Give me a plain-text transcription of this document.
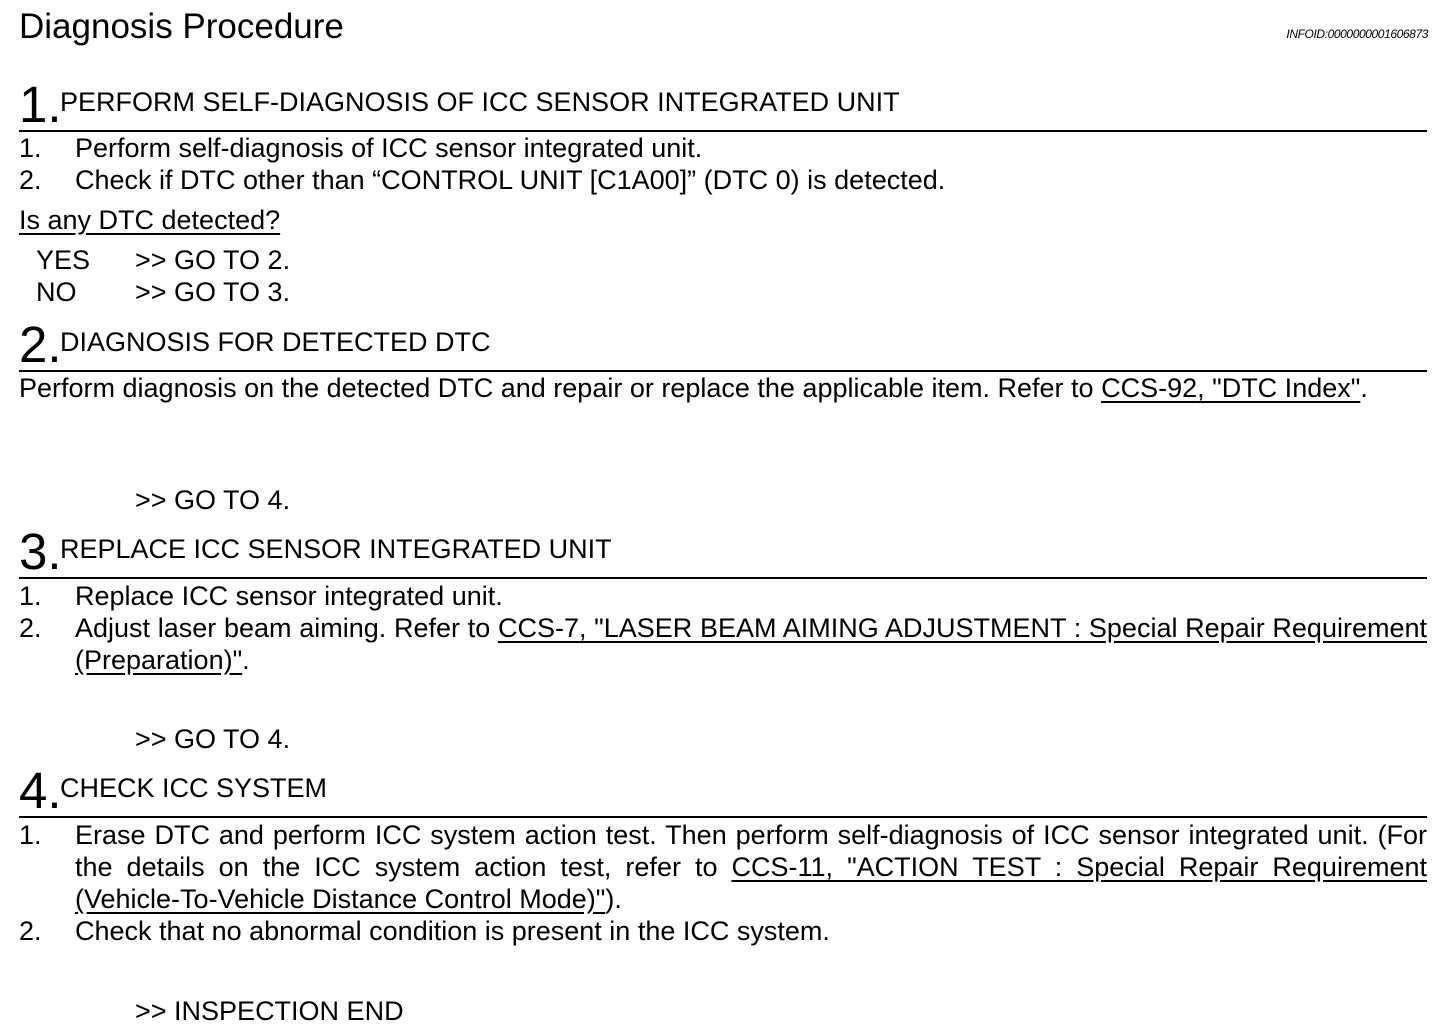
Diagnosis Procedure	INFOID:0000000001606873
1.
PERFORM SELF-DIAGNOSIS OF ICC SENSOR INTEGRATED UNIT
1. Perform self-diagnosis of ICC sensor integrated unit.
2. Check if DTC other than “CONTROL UNIT [C1A00]” (DTC 0) is detected.
Is any DTC detected?
YES >> GO TO 2.
NO >> GO TO 3.
2.
DIAGNOSIS FOR DETECTED DTC
Perform diagnosis on the detected DTC and repair or replace the applicable item. Refer to CCS-92, "DTC Index".
>> GO TO 4.
3.
REPLACE ICC SENSOR INTEGRATED UNIT
1. Replace ICC sensor integrated unit.
2. Adjust laser beam aiming. Refer to CCS-7, "LASER BEAM AIMING ADJUSTMENT : Special Repair Requirement (Preparation)".
>> GO TO 4.
4.
CHECK ICC SYSTEM
1. Erase DTC and perform ICC system action test. Then perform self-diagnosis of ICC sensor integrated unit. (For the details on the ICC system action test, refer to CCS-11, "ACTION TEST : Special Repair Requirement (Vehicle-To-Vehicle Distance Control Mode)").
2. Check that no abnormal condition is present in the ICC system.
>> INSPECTION END
